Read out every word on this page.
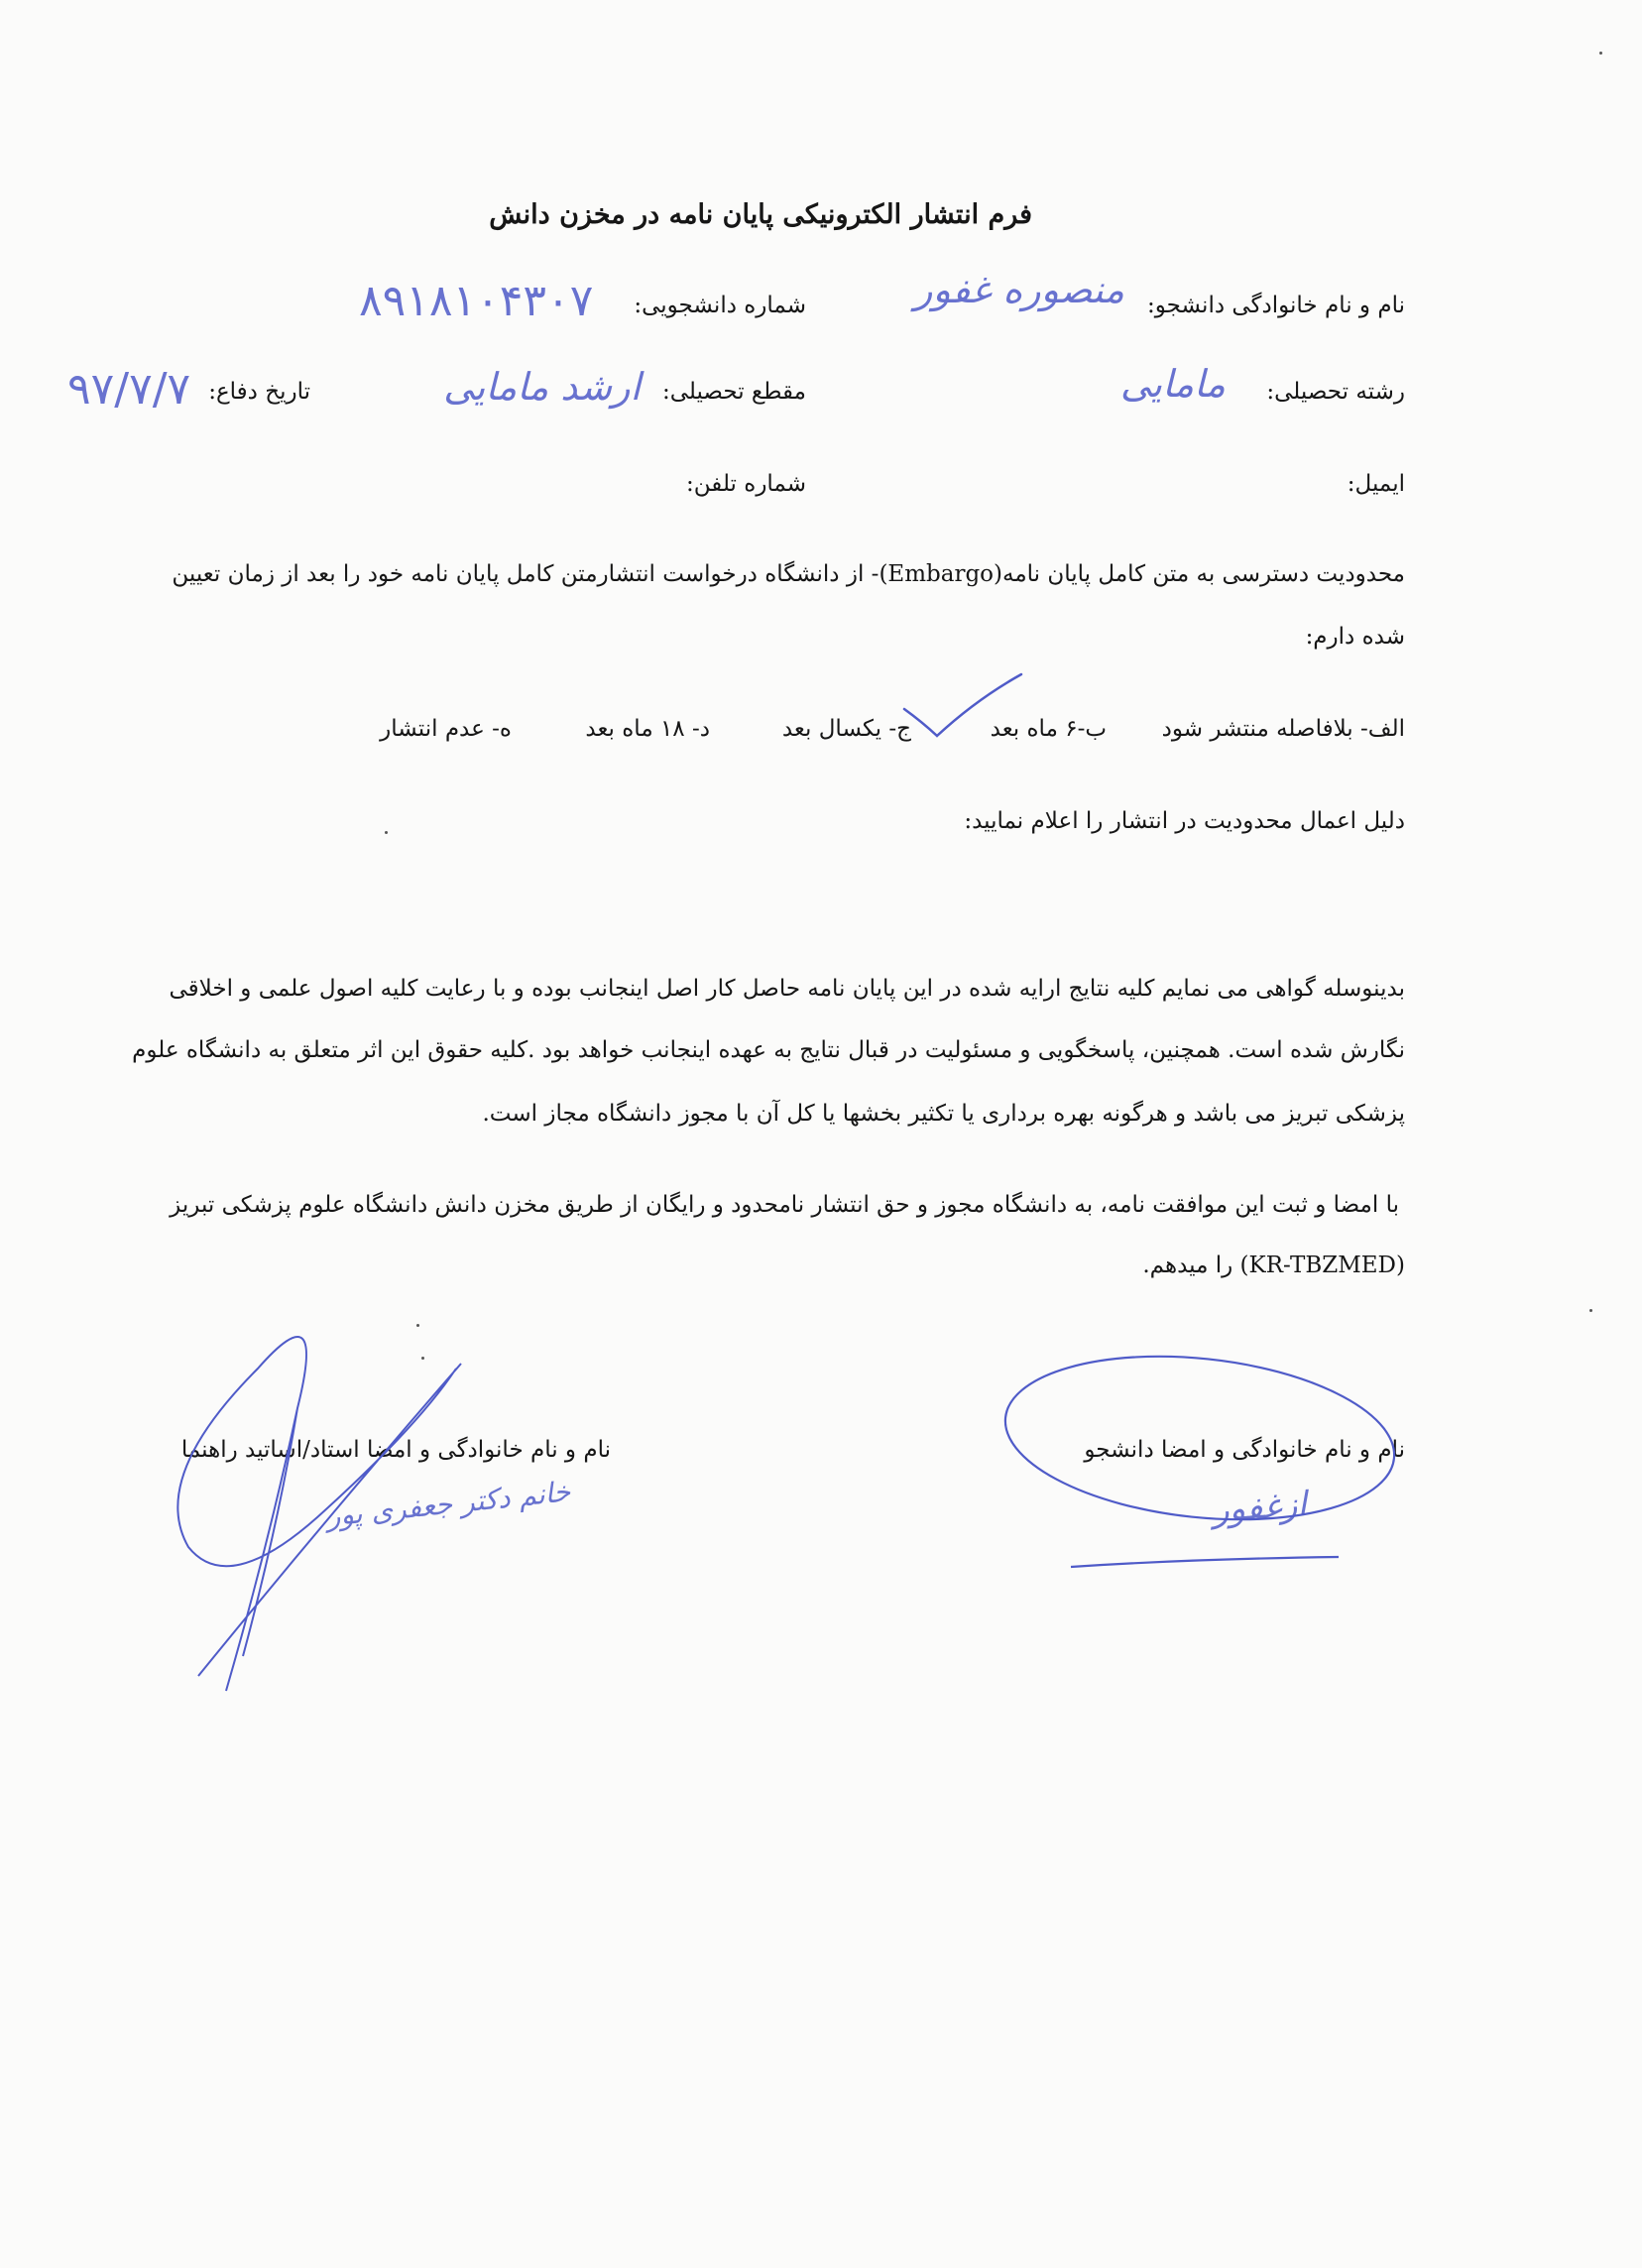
فرم انتشار الکترونیکی پایان نامه در مخزن دانش
نام و نام خانوادگی دانشجو:
منصوره غفور
شماره دانشجویی:
۸۹۱۸۱۰۴۳۰۷
رشته تحصیلی:
مامایی
مقطع تحصیلی:
ارشد مامایی
تاریخ دفاع:
۹۷/۷/۷
ایمیل:
شماره تلفن:
محدودیت دسترسی به متن کامل پایان نامه(Embargo)- از دانشگاه درخواست انتشارمتن کامل پایان نامه خود را بعد از زمان تعیین
شده دارم:
الف- بلافاصله منتشر شود
ب-۶ ماه بعد
ج- یکسال بعد
د- ۱۸ ماه بعد
ه- عدم انتشار
دلیل اعمال محدودیت در انتشار را اعلام نمایید:
بدینوسله گواهی می نمایم کلیه نتایج ارایه شده در این پایان نامه حاصل کار اصل اینجانب بوده و با رعایت کلیه اصول علمی و اخلاقی
نگارش شده است. همچنین، پاسخگویی و مسئولیت در قبال نتایج به عهده اینجانب خواهد بود .کلیه حقوق این اثر متعلق به دانشگاه علوم
پزشکی تبریز می باشد و هرگونه بهره برداری یا تکثیر بخشها یا کل آن با مجوز دانشگاه مجاز است.
با امضا و ثبت این موافقت نامه، به دانشگاه مجوز و حق انتشار نامحدود و رایگان از طریق مخزن دانش دانشگاه علوم پزشکی تبریز
(KR-TBZMED) را میدهم.
نام و نام خانوادگی و امضا دانشجو
نام و نام خانوادگی و امضا استاد/اساتید راهنما
ازغفور
خانم دکتر جعفری پور
